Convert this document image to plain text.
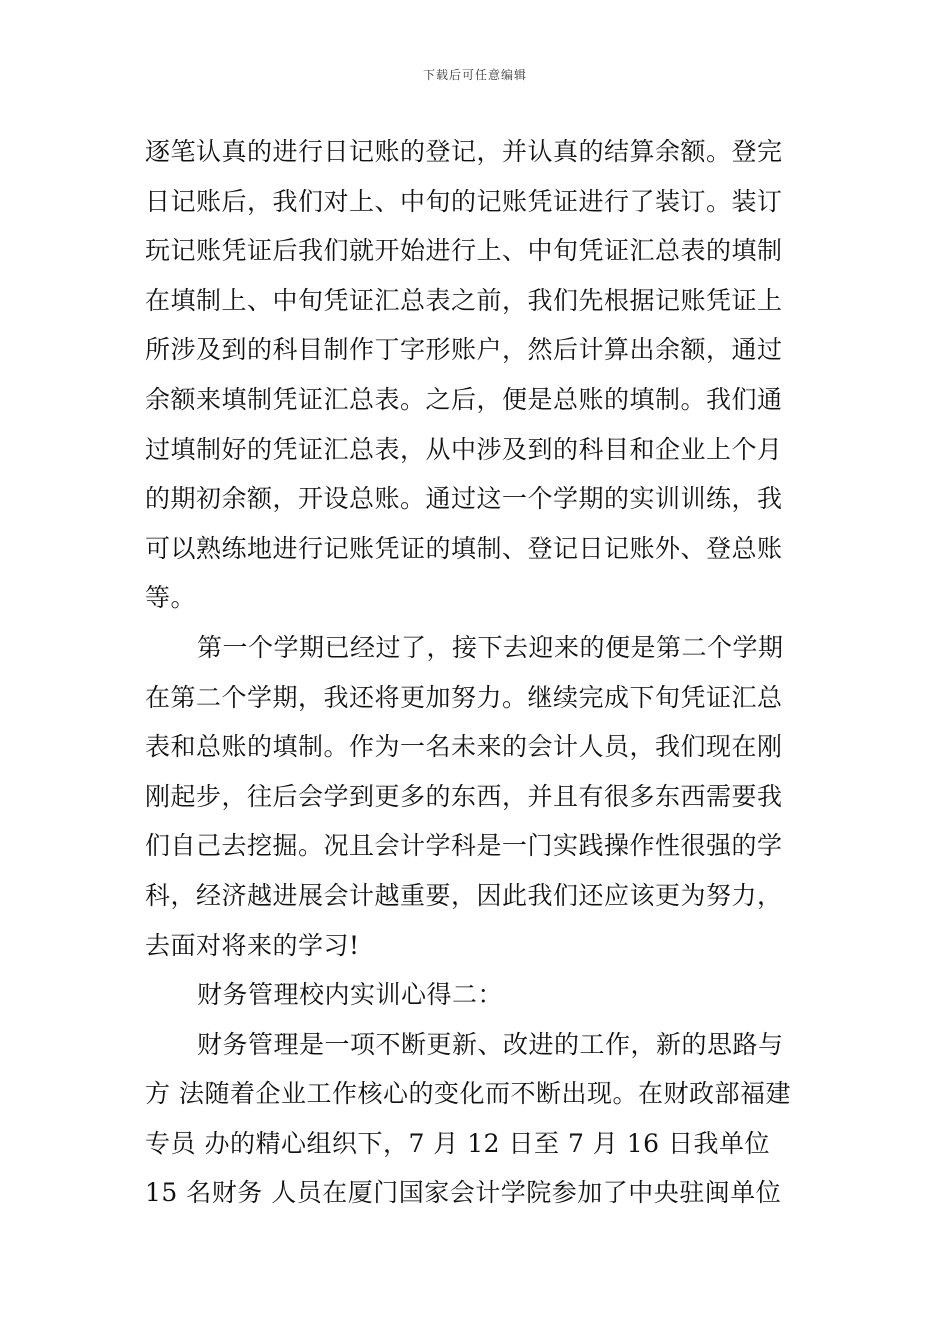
下载后可任意编辑
逐笔认真的进行日记账的登记，并认真的结算余额。登完
日记账后，我们对上、中旬的记账凭证进行了装订。装订
玩记账凭证后我们就开始进行上、中旬凭证汇总表的填制
在填制上、中旬凭证汇总表之前，我们先根据记账凭证上
所涉及到的科目制作丁字形账户，然后计算出余额，通过
余额来填制凭证汇总表。之后，便是总账的填制。我们通
过填制好的凭证汇总表，从中涉及到的科目和企业上个月
的期初余额，开设总账。通过这一个学期的实训训练，我
可以熟练地进行记账凭证的填制、登记日记账外、登总账
等。
第一个学期已经过了，接下去迎来的便是第二个学期
在第二个学期，我还将更加努力。继续完成下旬凭证汇总
表和总账的填制。作为一名未来的会计人员，我们现在刚
刚起步，往后会学到更多的东西，并且有很多东西需要我
们自己去挖掘。况且会计学科是一门实践操作性很强的学
科，经济越进展会计越重要，因此我们还应该更为努力，
去面对将来的学习!
财务管理校内实训心得二：
财务管理是一项不断更新、改进的工作，新的思路与
方 法随着企业工作核心的变化而不断出现。在财政部福建
专员 办的精心组织下，7 月 12 日至 7 月 16 日我单位
15 名财务 人员在厦门国家会计学院参加了中央驻闽单位
